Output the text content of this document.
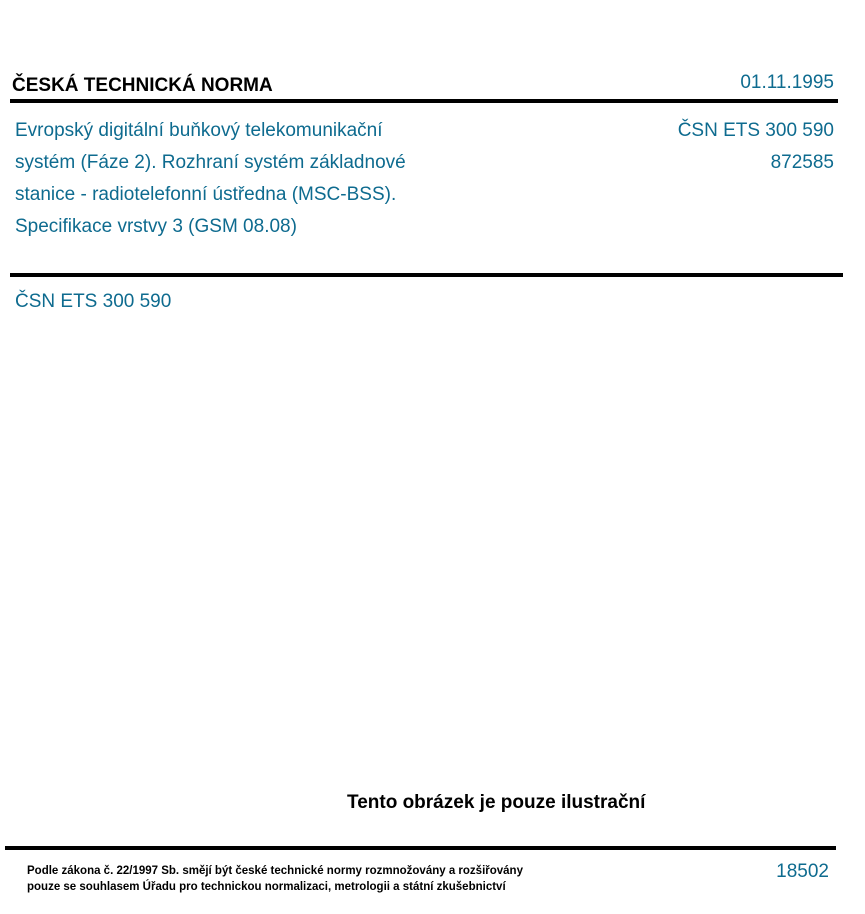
ČESKÁ TECHNICKÁ NORMA	01.11.1995
Evropský digitální buňkový telekomunikační
systém (Fáze 2). Rozhraní systém základnové
stanice - radiotelefonní ústředna (MSC-BSS).
Specifikace vrstvy 3 (GSM 08.08)
ČSN ETS 300 590
872585
ČSN ETS 300 590
Tento obrázek je pouze ilustrační
Podle zákona č. 22/1997 Sb. smějí být české technické normy rozmnožovány a rozšiřovány
pouze se souhlasem Úřadu pro technickou normalizaci, metrologii a státní zkušebnictví
18502
